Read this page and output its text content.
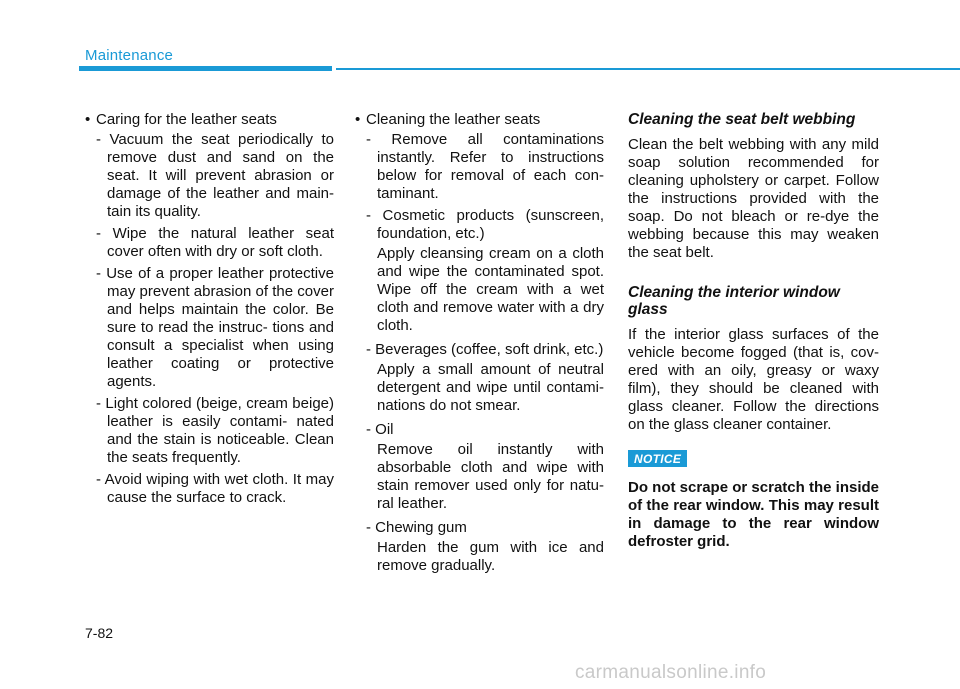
Maintenance

• Caring for the leather seats

- Vacuum the seat periodically to remove dust and sand on the seat. It will prevent abrasion or damage of the leather and main- tain its quality.

- Wipe the natural leather seat cover often with dry or soft cloth.

- Use of a proper leather protective may prevent abrasion of the cover and helps maintain the color. Be sure to read the instruc- tions and consult a specialist when using leather coating or protective agents.

- Light colored (beige, cream beige) leather is easily contami- nated and the stain is noticeable. Clean the seats frequently.

- Avoid wiping with wet cloth. It may cause the surface to crack.

• Cleaning the leather seats

- Remove all contaminations instantly. Refer to instructions below for removal of each con- taminant.

- Cosmetic products (sunscreen, foundation, etc.)

Apply cleansing cream on a cloth and wipe the contaminated spot. Wipe off the cream with a wet cloth and remove water with a dry cloth.

- Beverages (coffee, soft drink, etc.)

Apply a small amount of neutral detergent and wipe until contami- nations do not smear.

- Oil

Remove oil instantly with absorbable cloth and wipe with stain remover used only for natu- ral leather.

- Chewing gum

Harden the gum with ice and remove gradually.

Cleaning the seat belt webbing

Clean the belt webbing with any mild soap solution recommended for cleaning upholstery or carpet. Follow the instructions provided with the soap. Do not bleach or re-dye the webbing because this may weaken the seat belt.

Cleaning the interior window glass

If the interior glass surfaces of the vehicle become fogged (that is, cov- ered with an oily, greasy or waxy film), they should be cleaned with glass cleaner. Follow the directions on the glass cleaner container.

NOTICE

Do not scrape or scratch the inside of the rear window. This may result in damage to the rear window defroster grid.

7-82
carmanualsonline.info
